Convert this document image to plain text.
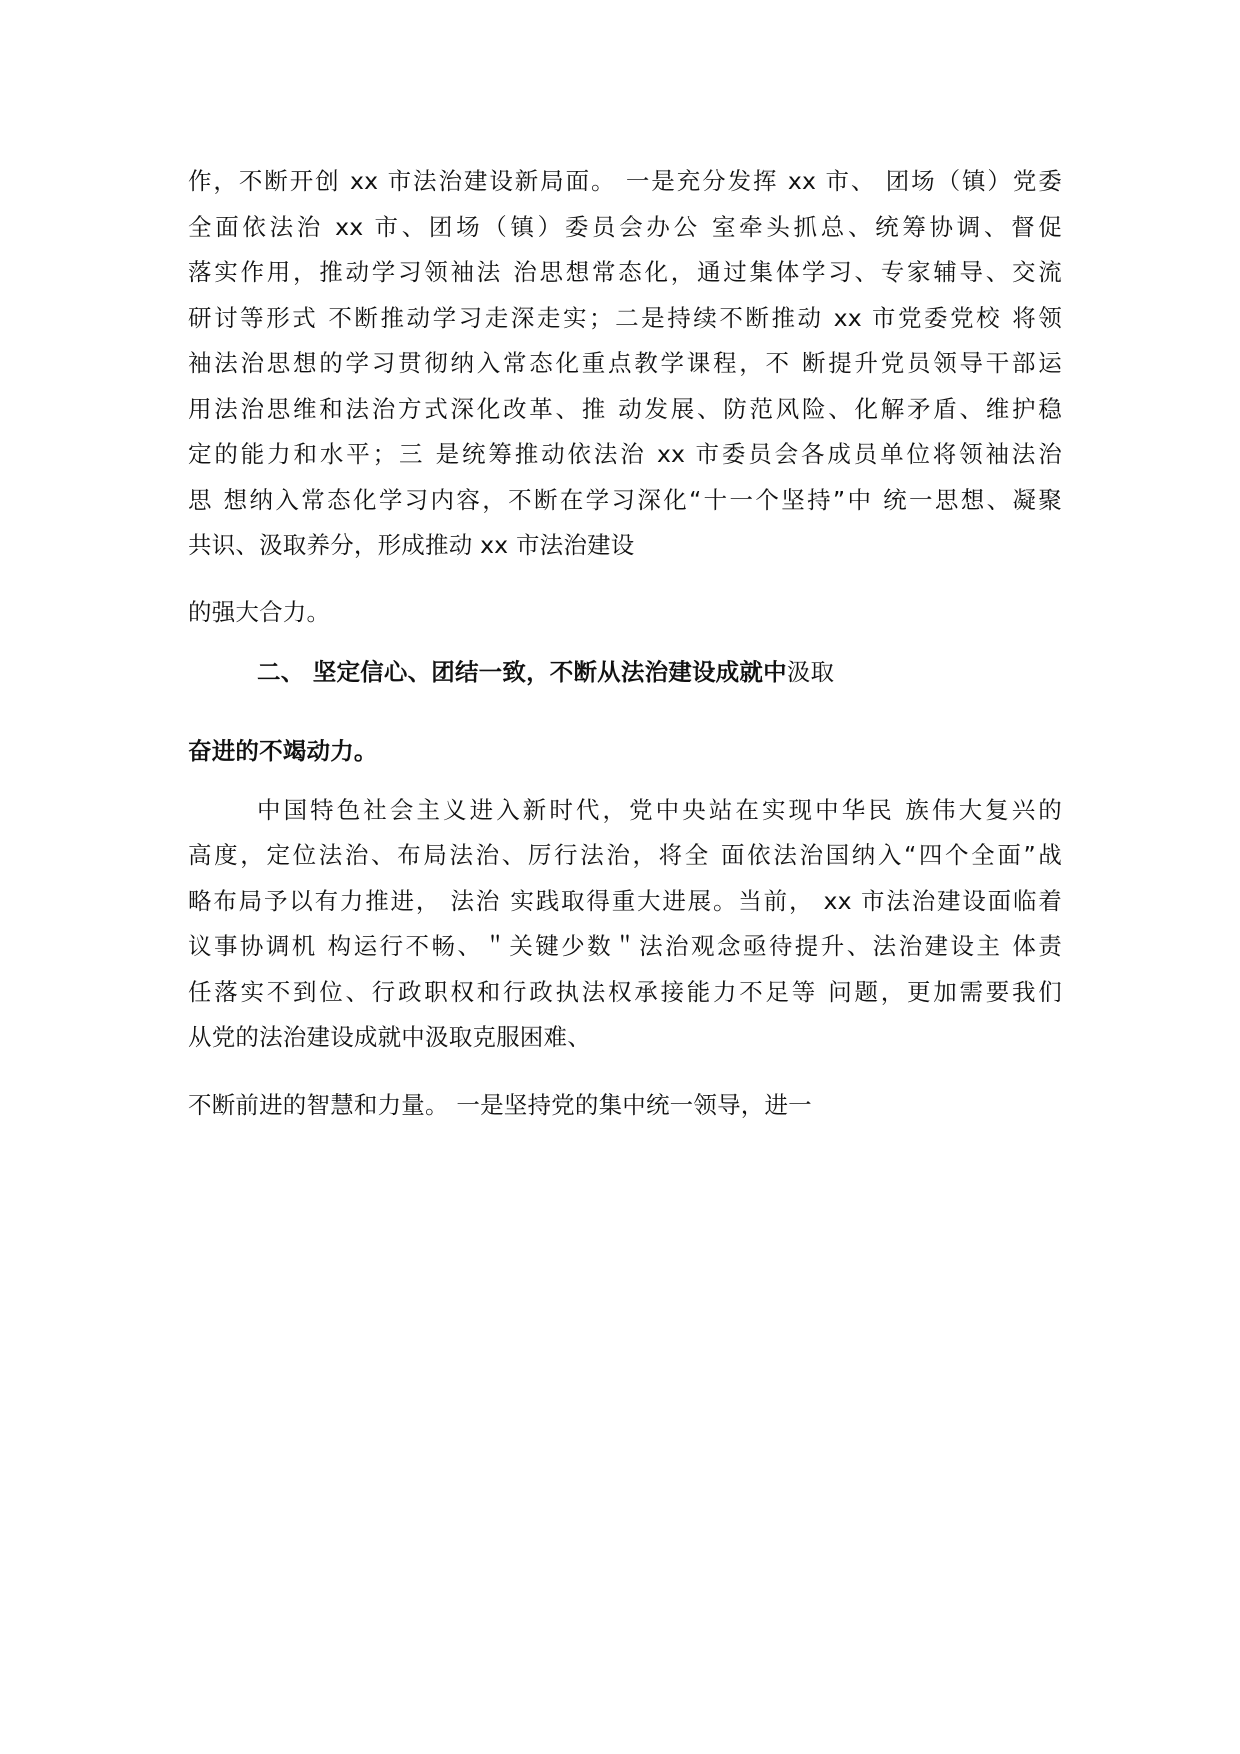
作，不断开创 xx 市法治建设新局面。 一是充分发挥 xx 市、 团场（镇）党委
全面依法治 xx 市、团场（镇）委员会办公 室牵头抓总、统筹协调、督促
落实作用，推动学习领袖法 治思想常态化，通过集体学习、专家辅导、交流
研讨等形式 不断推动学习走深走实；二是持续不断推动 xx 市党委党校 将领
袖法治思想的学习贯彻纳入常态化重点教学课程，不 断提升党员领导干部运
用法治思维和法治方式深化改革、推 动发展、防范风险、化解矛盾、维护稳
定的能力和水平；三 是统筹推动依法治 xx 市委员会各成员单位将领袖法治
思 想纳入常态化学习内容，不断在学习深化“十一个坚持”中 统一思想、凝聚
共识、汲取养分，形成推动 xx 市法治建设
的强大合力。
二、 坚定信心、团结一致，不断从法治建设成就中汲取
奋进的不竭动力。
中国特色社会主义进入新时代，党中央站在实现中华民 族伟大复兴的
高度，定位法治、布局法治、厉行法治，将全 面依法治国纳入“四个全面”战
略布局予以有力推进， 法治 实践取得重大进展。当前， xx 市法治建设面临着
议事协调机 构运行不畅、＂关键少数＂法治观念亟待提升、法治建设主 体责
任落实不到位、行政职权和行政执法权承接能力不足等 问题，更加需要我们
从党的法治建设成就中汲取克服困难、
不断前进的智慧和力量。 一是坚持党的集中统一领导，进一
